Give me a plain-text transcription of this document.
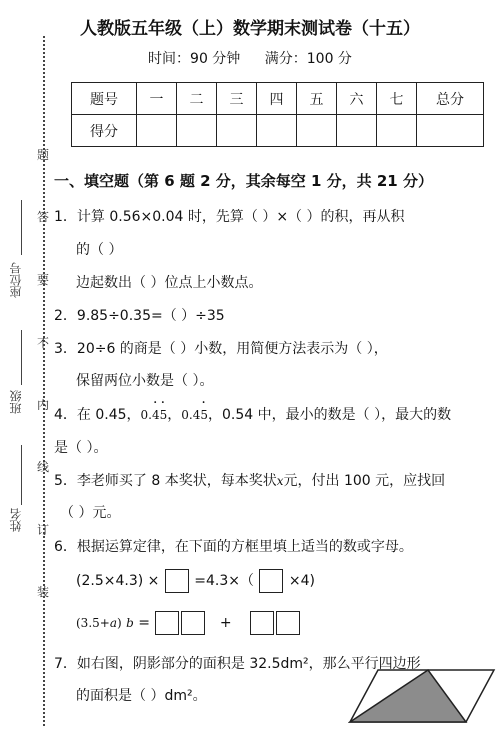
人教版五年级（上）数学期末测试卷（十五）
时间：90 分钟 满分：100 分
题号	一	二	三	四	五	六	七	总分
得分								
题
答
要
不
内
线
订
装
座位号
班级
姓名
一、填空题（第 6 题 2 分，其余每空 1 分，共 21 分）
1．计算 0.56×0.04 时，先算（ ）×（ ）的积，再从积
的（ ）
边起数出（ ）位点上小数点。
2．9.85÷0.35=（ ）÷35
3．20÷6 的商是（ ）小数，用简便方法表示为（ ），
保留两位小数是（ ）。
4．在 0.45，0.· 4· 5，0.4· 5，0.54 中，最小的数是（ ），最大的数
是（ ）。
5．李老师买了 8 本奖状，每本奖状x元，付出 100 元，应找回
（ ）元。
6．根据运算定律，在下面的方框里填上适当的数或字母。
(2.5×4.3) × =4.3×（ ×4)
(3.5+a) b =	+
7．如右图，阴影部分的面积是 32.5dm²，那么平行四边形
的面积是（ ）dm²。
